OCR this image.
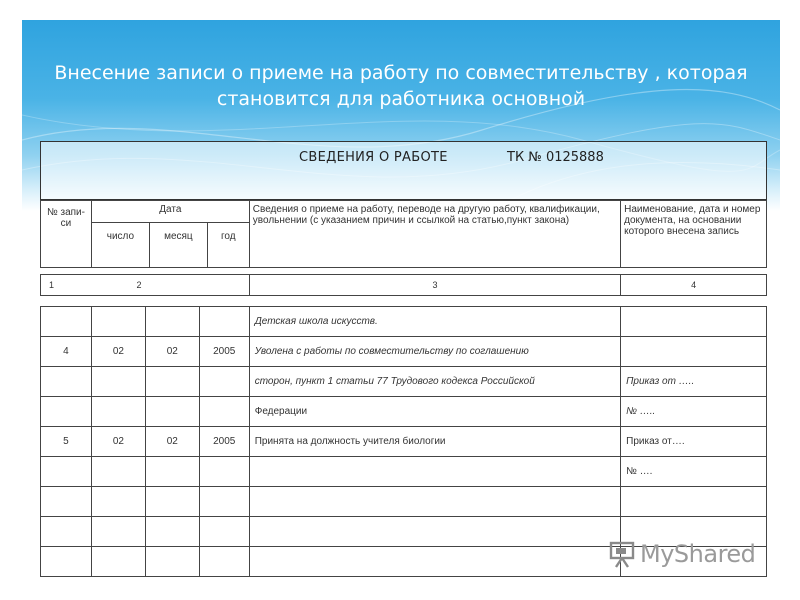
Внесение записи о приеме на работу по совместительству , которая становится для работника основной
СВЕДЕНИЯ О РАБОТЕ	ТК № 0125888
№ запи-си	Дата			Сведения о приеме на работу, переводе на другую работу, квалификации, увольнении (с указанием причин и ссылкой на статью,пункт закона)	Наименование, дата и номер документа, на основании которого внесена запись
	число	месяц	год		
1	2	3	4
				Детская школа искусств.	
4	02	02	2005	Уволена с работы по совместительству по соглашению	
				сторон, пункт 1 статьи 77 Трудового кодекса Российской	Приказ от …..
				Федерации	№ …..
5	02	02	2005	Принята на должность учителя биологии	Приказ от….
					№ ….

MyShared
